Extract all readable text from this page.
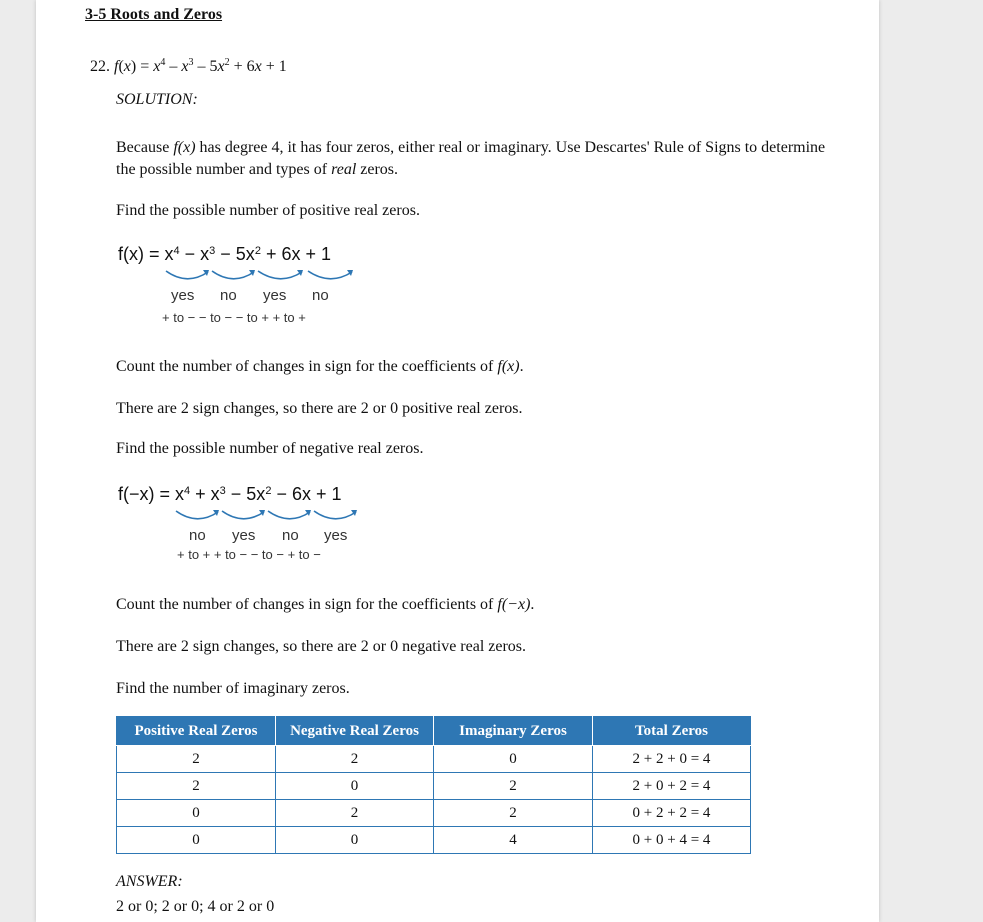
3-5 Roots and Zeros
22. $f(x) = x^4 - x^3 - 5x^2 + 6x + 1$
SOLUTION:
Because f(x) has degree 4, it has four zeros, either real or imaginary. Use Descartes' Rule of Signs to determine the possible number and types of real zeros.
Find the possible number of positive real zeros.
$f(x) = x^4 - x^3 - 5x^2 + 6x + 1$
yes no yes no
+ to − − to − − to + + to +
Count the number of changes in sign for the coefficients of f(x).
There are 2 sign changes, so there are 2 or 0 positive real zeros.
Find the possible number of negative real zeros.
$f(-x) = x^4 + x^3 - 5x^2 - 6x + 1$
no yes no yes
+ to + + to − − to − + to −
Count the number of changes in sign for the coefficients of f(−x).
There are 2 sign changes, so there are 2 or 0 negative real zeros.
Find the number of imaginary zeros.
Positive Real Zeros	Negative Real Zeros	Imaginary Zeros	Total Zeros
2	2	0	2 + 2 + 0 = 4
2	0	2	2 + 0 + 2 = 4
0	2	2	0 + 2 + 2 = 4
0	0	4	0 + 0 + 4 = 4
ANSWER:
2 or 0; 2 or 0; 4 or 2 or 0
